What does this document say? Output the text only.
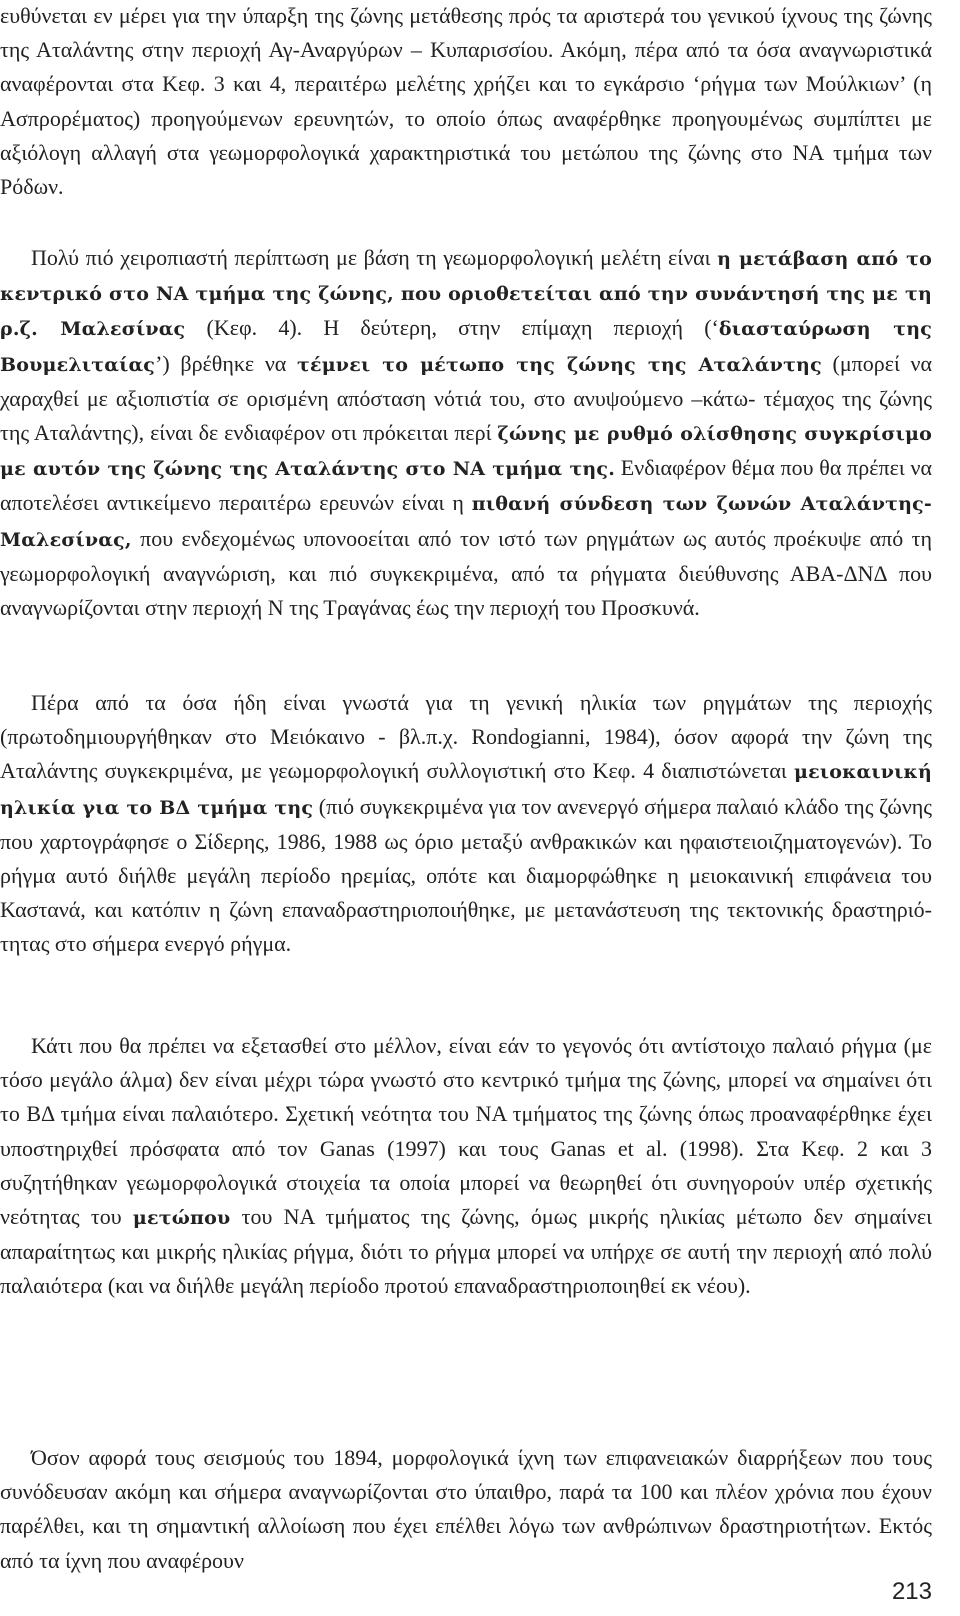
ευθύνεται εν μέρει για την ύπαρξη της ζώνης μετάθεσης πρός τα αριστερά του γενικού ίχνους της ζώνης της Αταλάντης στην περιοχή Αγ-Αναργύρων – Κυπαρισσίου. Ακόμη, πέρα από τα όσα αναγνωριστικά αναφέρονται στα Κεφ. 3 και 4, περαιτέρω μελέτης χρήζει και το εγκάρσιο ‘ρήγμα των Μούλκιων’ (η Ασπρορέματος) προηγούμενων ερευνητών, το οποίο όπως αναφέρθηκε προηγουμένως συμπίπτει με αξιόλογη αλλαγή στα γεωμορφολογικά χαρακτηριστικά του μετώπου της ζώνης στο ΝΑ τμήμα των Ρόδων.

Πολύ πιό χειροπιαστή περίπτωση με βάση τη γεωμορφολογική μελέτη είναι η μετάβαση από το κεντρικό στο ΝΑ τμήμα της ζώνης, που οριοθετείται από την συνάντησή της με τη ρ.ζ. Μαλεσίνας (Κεφ. 4). Η δεύτερη, στην επίμαχη περιοχή (‘διασταύρωση της Βουμελιταίας’) βρέθηκε να τέμνει το μέτωπο της ζώνης της Αταλάντης (μπορεί να χαραχθεί με αξιοπιστία σε ορισμένη απόσταση νότιά του, στο ανυψούμενο –κάτω- τέμαχος της ζώνης της Αταλάντης), είναι δε ενδιαφέρον οτι πρόκειται περί ζώνης με ρυθμό ολίσθησης συγκρίσιμο με αυτόν της ζώνης της Αταλάντης στο ΝΑ τμήμα της. Ενδιαφέρον θέμα που θα πρέπει να αποτελέσει αντικείμενο περαιτέρω ερευνών είναι η πιθανή σύνδεση των ζωνών Αταλάντης-Μαλεσίνας, που ενδεχομένως υπονοοείται από τον ιστό των ρηγμάτων ως αυτός προέκυψε από τη γεωμορφολογική αναγνώριση, και πιό συγκεκριμένα, από τα ρήγματα διεύθυνσης ΑΒΑ-ΔΝΔ που αναγνωρίζονται στην περιοχή Ν της Τραγάνας έως την περιοχή του Προσκυνά.

Πέρα από τα όσα ήδη είναι γνωστά για τη γενική ηλικία των ρηγμάτων της περιοχής (πρωτοδημιουργήθηκαν στο Μειόκαινο - βλ.π.χ. Rondogianni, 1984), όσον αφορά την ζώνη της Αταλάντης συγκεκριμένα, με γεωμορφολογική συλλογιστική στο Κεφ. 4 διαπιστώνεται μειοκαινική ηλικία για το ΒΔ τμήμα της (πιό συγκεκριμένα για τον ανενεργό σήμερα παλαιό κλάδο της ζώνης που χαρτογράφησε ο Σίδερης, 1986, 1988 ως όριο μεταξύ ανθρακικών και ηφαιστειοιζηματογενών). Το ρήγμα αυτό διήλθε μεγάλη περίοδο ηρεμίας, οπότε και διαμορφώθηκε η μειοκαινική επιφάνεια του Καστανά, και κατόπιν η ζώνη επαναδραστηριοποιήθηκε, με μετανάστευση της τεκτονικής δραστηριό-τητας στο σήμερα ενεργό ρήγμα.

Κάτι που θα πρέπει να εξετασθεί στο μέλλον, είναι εάν το γεγονός ότι αντίστοιχο παλαιό ρήγμα (με τόσο μεγάλο άλμα) δεν είναι μέχρι τώρα γνωστό στο κεντρικό τμήμα της ζώνης, μπορεί να σημαίνει ότι το ΒΔ τμήμα είναι παλαιότερο. Σχετική νεότητα του ΝΑ τμήματος της ζώνης όπως προαναφέρθηκε έχει υποστηριχθεί πρόσφατα από τον Ganas (1997) και τους Ganas et al. (1998). Στα Κεφ. 2 και 3 συζητήθηκαν γεωμορφολογικά στοιχεία τα οποία μπορεί να θεωρηθεί ότι συνηγορούν υπέρ σχετικής νεότητας του μετώπου του ΝΑ τμήματος της ζώνης, όμως μικρής ηλικίας μέτωπο δεν σημαίνει απαραίτητως και μικρής ηλικίας ρήγμα, διότι το ρήγμα μπορεί να υπήρχε σε αυτή την περιοχή από πολύ παλαιότερα (και να διήλθε μεγάλη περίοδο πρoτού επαναδραστηριοποιηθεί εκ νέου).

Όσον αφορά τους σεισμούς του 1894, μορφολογικά ίχνη των επιφανειακών διαρρήξεων που τους συνόδευσαν ακόμη και σήμερα αναγνωρίζονται στο ύπαιθρο, παρά τα 100 και πλέον χρόνια που έχουν παρέλθει, και τη σημαντική αλλοίωση που έχει επέλθει λόγω των ανθρώπινων δραστηριοτήτων. Εκτός από τα ίχνη που αναφέρουν

213
